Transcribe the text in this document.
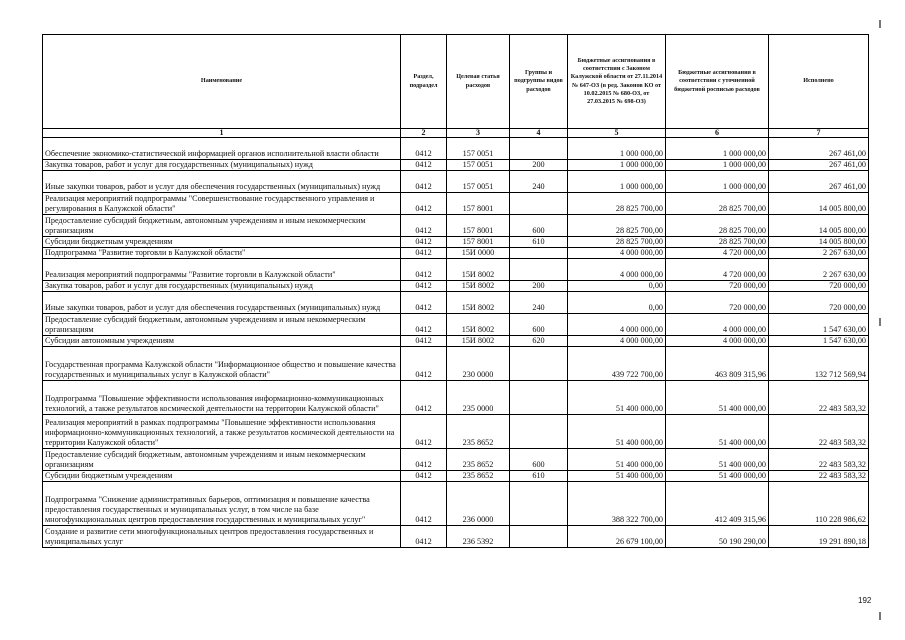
Наименование	Раздел, подраздел	Целевая статья расходов	Группы и подгруппы видов расходов	Бюджетные ассигнования в соответствии с Законом Калужской области от 27.11.2014 № 647-ОЗ (в ред. Законов КО от 10.02.2015 № 680-ОЗ, от 27.03.2015 № 698-ОЗ)	Бюджетные ассигнования в соответствии с уточненной бюджетной росписью расходов	Исполнено
1	2	3	4	5	6	7
Обеспечение экономико-статистической информацией органов исполнительной власти области	0412	157 0051		1 000 000,00	1 000 000,00	267 461,00
Закупка товаров, работ и услуг для государственных (муниципальных) нужд	0412	157 0051	200	1 000 000,00	1 000 000,00	267 461,00
Иные закупки товаров, работ и услуг для обеспечения государственных (муниципальных) нужд	0412	157 0051	240	1 000 000,00	1 000 000,00	267 461,00
Реализация мероприятий подпрограммы "Совершенствование государственного управления и регулирования в Калужской области"	0412	157 8001		28 825 700,00	28 825 700,00	14 005 800,00
Предоставление субсидий бюджетным, автономным учреждениям и иным некоммерческим организациям	0412	157 8001	600	28 825 700,00	28 825 700,00	14 005 800,00
Субсидии бюджетным учреждениям	0412	157 8001	610	28 825 700,00	28 825 700,00	14 005 800,00
Подпрограмма "Развитие торговли в Калужской области"	0412	15И 0000		4 000 000,00	4 720 000,00	2 267 630,00
Реализация мероприятий подпрограммы "Развитие торговли в Калужской области"	0412	15И 8002		4 000 000,00	4 720 000,00	2 267 630,00
Закупка товаров, работ и услуг для государственных (муниципальных) нужд	0412	15И 8002	200	0,00	720 000,00	720 000,00
Иные закупки товаров, работ и услуг для обеспечения государственных (муниципальных) нужд	0412	15И 8002	240	0,00	720 000,00	720 000,00
Предоставление субсидий бюджетным, автономным учреждениям и иным некоммерческим организациям	0412	15И 8002	600	4 000 000,00	4 000 000,00	1 547 630,00
Субсидии автономным учреждениям	0412	15И 8002	620	4 000 000,00	4 000 000,00	1 547 630,00
Государственная программа Калужской области "Информационное общество и повышение качества государственных и муниципальных услуг в Калужской области"	0412	230 0000		439 722 700,00	463 809 315,96	132 712 569,94
Подпрограмма "Повышение эффективности использования информационно-коммуникационных технологий, а также результатов космической деятельности на территории Калужской области"	0412	235 0000		51 400 000,00	51 400 000,00	22 483 583,32
Реализация мероприятий в рамках подпрограммы "Повышение эффективности использования информационно-коммуникационных технологий, а также результатов космической деятельности на территории Калужской области"	0412	235 8652		51 400 000,00	51 400 000,00	22 483 583,32
Предоставление субсидий бюджетным, автономным учреждениям и иным некоммерческим организациям	0412	235 8652	600	51 400 000,00	51 400 000,00	22 483 583,32
Субсидии бюджетным учреждениям	0412	235 8652	610	51 400 000,00	51 400 000,00	22 483 583,32
Подпрограмма "Снижение административных барьеров, оптимизация и повышение качества предоставления государственных и муниципальных услуг, в том числе на базе многофункциональных центров предоставления государственных и муниципальных услуг"	0412	236 0000		388 322 700,00	412 409 315,96	110 228 986,62
Создание и развитие сети многофункциональных центров предоставления государственных и муниципальных услуг	0412	236 5392		26 679 100,00	50 190 290,00	19 291 890,18
192
